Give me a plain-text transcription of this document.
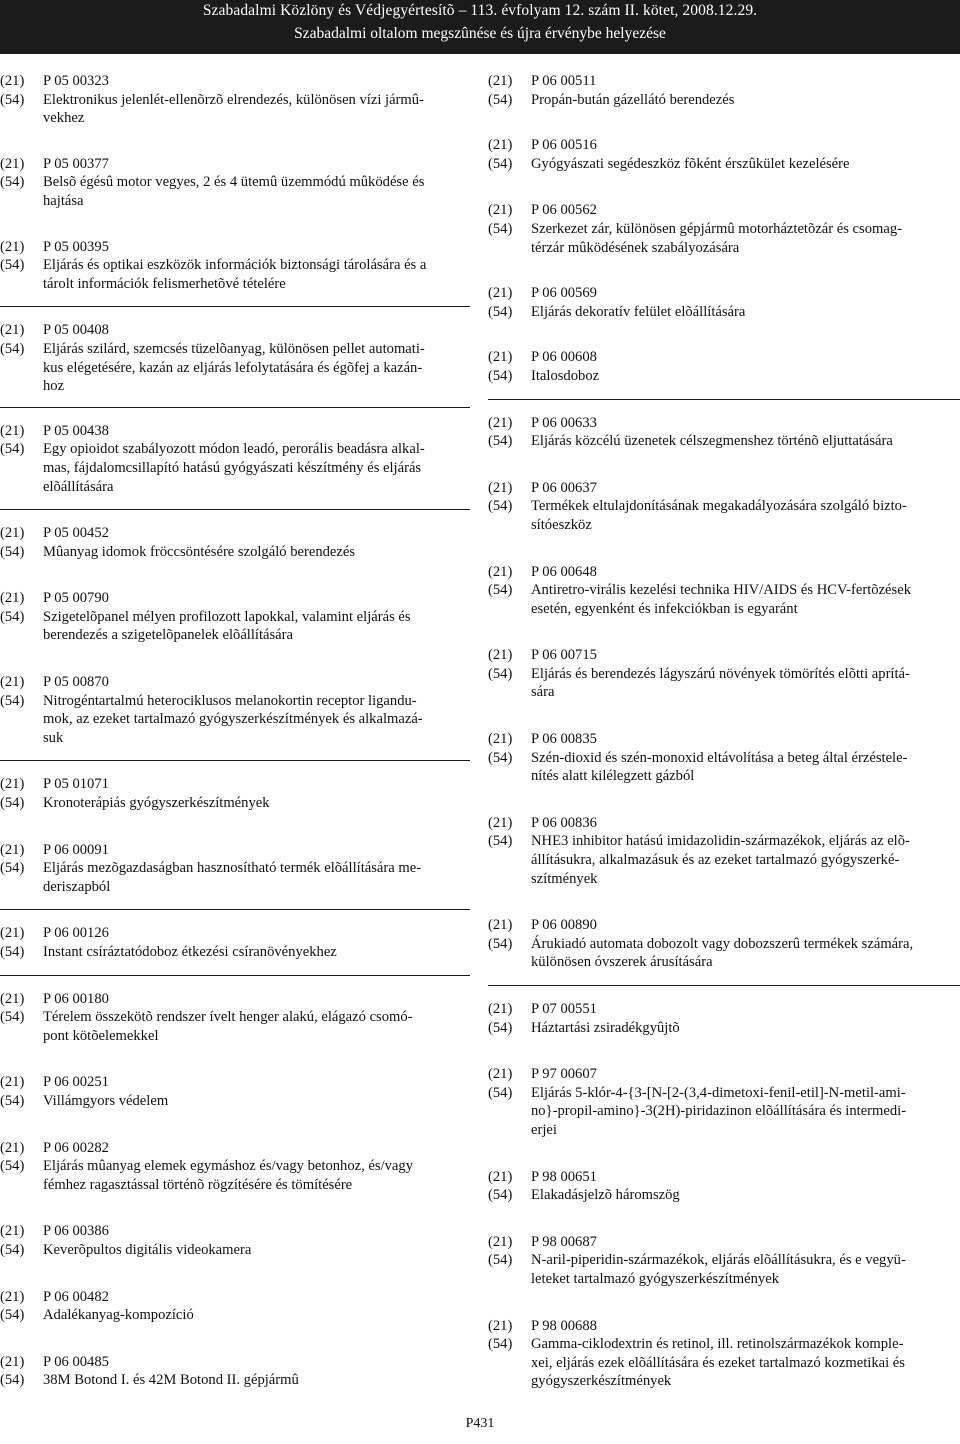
Szabadalmi Közlöny és Védjegyértesítõ – 113. évfolyam 12. szám II. kötet, 2008.12.29.
Szabadalmi oltalom megszûnése és újra érvénybe helyezése
(21)	P 05 00323
(54)	Elektronikus jelenlét-ellenõrzõ elrendezés, különösen vízi jármû-
vekhez
(21)	P 05 00377
(54)	Belsõ égésû motor vegyes, 2 és 4 ütemû üzemmódú mûködése és
hajtása
(21)	P 05 00395
(54)	Eljárás és optikai eszközök információk biztonsági tárolására és a
tárolt információk felismerhetõvé tételére
(21)	P 05 00408
(54)	Eljárás szilárd, szemcsés tüzelõanyag, különösen pellet automati-
kus elégetésére, kazán az eljárás lefolytatására és égõfej a kazán-
hoz
(21)	P 05 00438
(54)	Egy opioidot szabályozott módon leadó, perorális beadásra alkal-
mas, fájdalomcsillapító hatású gyógyászati készítmény és eljárás
elõállítására
(21)	P 05 00452
(54)	Mûanyag idomok fröccsöntésére szolgáló berendezés
(21)	P 05 00790
(54)	Szigetelõpanel mélyen profilozott lapokkal, valamint eljárás és
berendezés a szigetelõpanelek elõállítására
(21)	P 05 00870
(54)	Nitrogéntartalmú heterociklusos melanokortin receptor ligandu-
mok, az ezeket tartalmazó gyógyszerkészítmények és alkalmazá-
suk
(21)	P 05 01071
(54)	Kronoterápiás gyógyszerkészítmények
(21)	P 06 00091
(54)	Eljárás mezõgazdaságban hasznosítható termék elõállítására me-
deriszapból
(21)	P 06 00126
(54)	Instant csíráztatódoboz étkezési csíranövényekhez
(21)	P 06 00180
(54)	Térelem összekötõ rendszer ívelt henger alakú, elágazó csomó-
pont kötõelemekkel
(21)	P 06 00251
(54)	Villámgyors védelem
(21)	P 06 00282
(54)	Eljárás mûanyag elemek egymáshoz és/vagy betonhoz, és/vagy
fémhez ragasztással történõ rögzítésére és tömítésére
(21)	P 06 00386
(54)	Keverõpultos digitális videokamera
(21)	P 06 00482
(54)	Adalékanyag-kompozíció
(21)	P 06 00485
(54)	38M Botond I. és 42M Botond II. gépjármû
(21)	P 06 00511
(54)	Propán-bután gázellátó berendezés
(21)	P 06 00516
(54)	Gyógyászati segédeszköz fõként érszûkület kezelésére
(21)	P 06 00562
(54)	Szerkezet zár, különösen gépjármû motorháztetõzár és csomag-
térzár mûködésének szabályozására
(21)	P 06 00569
(54)	Eljárás dekoratív felület elõállítására
(21)	P 06 00608
(54)	Italosdoboz
(21)	P 06 00633
(54)	Eljárás közcélú üzenetek célszegmenshez történõ eljuttatására
(21)	P 06 00637
(54)	Termékek eltulajdonításának megakadályozására szolgáló bizto-
sítóeszköz
(21)	P 06 00648
(54)	Antiretro-virális kezelési technika HIV/AIDS és HCV-fertõzések
esetén, egyenként és infekciókban is egyaránt
(21)	P 06 00715
(54)	Eljárás és berendezés lágyszárú növények tömörítés elõtti aprítá-
sára
(21)	P 06 00835
(54)	Szén-dioxid és szén-monoxid eltávolítása a beteg által érzéstele-
nítés alatt kilélegzett gázból
(21)	P 06 00836
(54)	NHE3 inhibitor hatású imidazolidin-származékok, eljárás az elõ-
állításukra, alkalmazásuk és az ezeket tartalmazó gyógyszerké-
szítmények
(21)	P 06 00890
(54)	Árukiadó automata dobozolt vagy dobozszerû termékek számára,
különösen óvszerek árusítására
(21)	P 07 00551
(54)	Háztartási zsiradékgyûjtõ
(21)	P 97 00607
(54)	Eljárás 5-klór-4-{3-[N-[2-(3,4-dimetoxi-fenil-etil]-N-metil-ami-
no}-propil-amino}-3(2H)-piridazinon elõállítására és intermedi-
erjei
(21)	P 98 00651
(54)	Elakadásjelzõ háromszög
(21)	P 98 00687
(54)	N-aril-piperidin-származékok, eljárás elõállításukra, és e vegyü-
leteket tartalmazó gyógyszerkészítmények
(21)	P 98 00688
(54)	Gamma-ciklodextrin és retinol, ill. retinolszármazékok komple-
xei, eljárás ezek elõállítására és ezeket tartalmazó kozmetikai és
gyógyszerkészítmények
P431
